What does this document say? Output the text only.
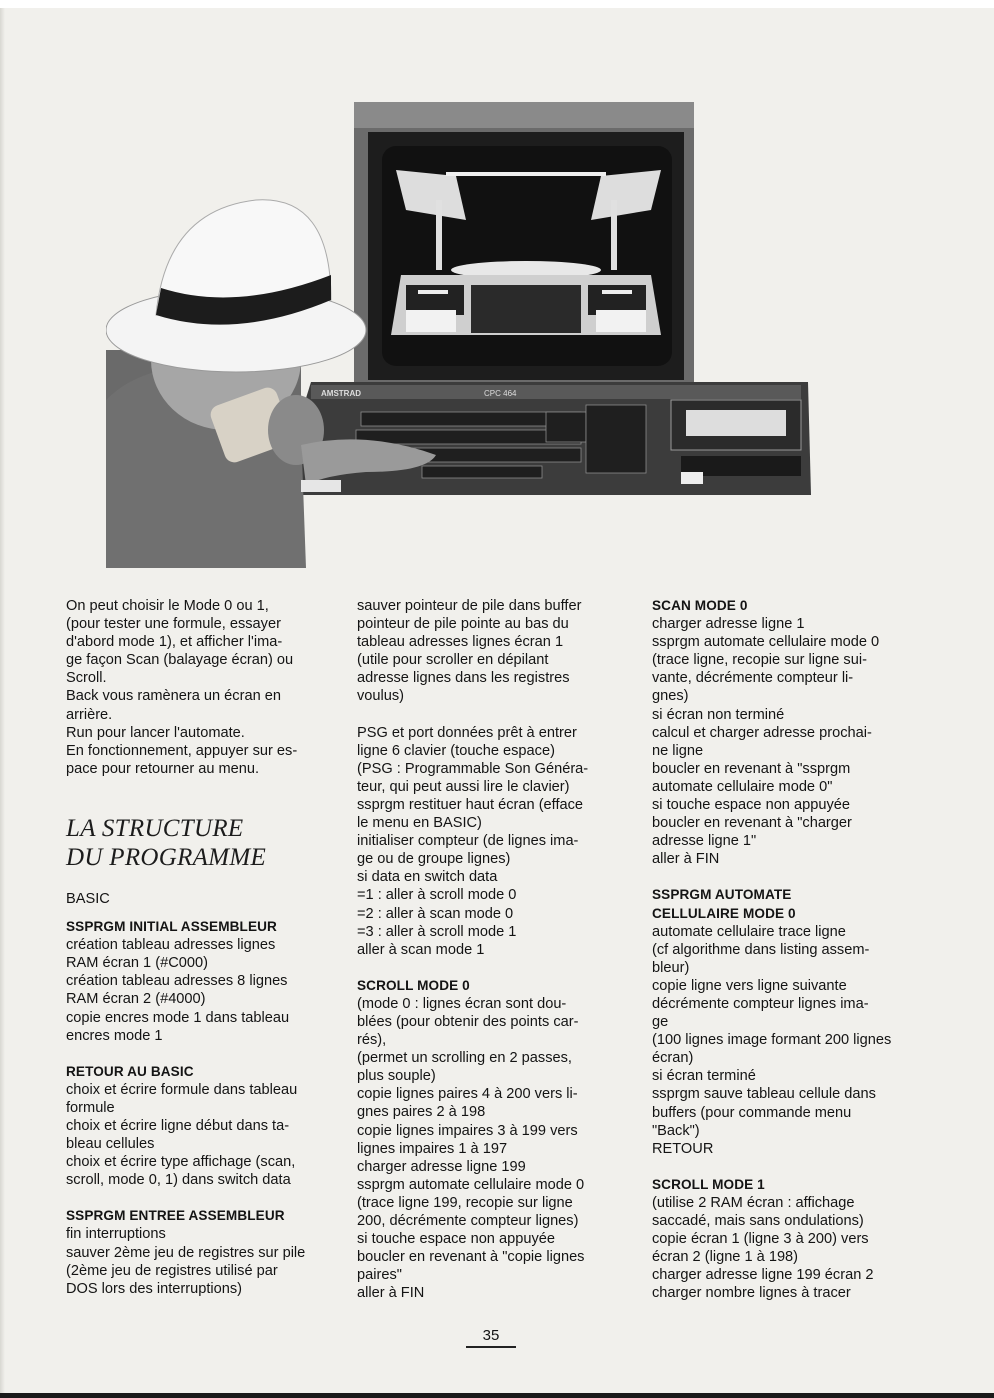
AMSTRAD	CPC 464
On peut choisir le Mode 0 ou 1,
(pour tester une formule, essayer
d'abord mode 1), et afficher l'ima-
ge façon Scan (balayage écran) ou
Scroll.
Back vous ramènera un écran en
arrière.
Run pour lancer l'automate.
En fonctionnement, appuyer sur es-
pace pour retourner au menu.
LA STRUCTURE
DU PROGRAMME
BASIC
SSPRGM INITIAL ASSEMBLEUR
création tableau adresses lignes
RAM écran 1 (#C000)
création tableau adresses 8 lignes
RAM écran 2 (#4000)
copie encres mode 1 dans tableau
encres mode 1
RETOUR AU BASIC
choix et écrire formule dans tableau
formule
choix et écrire ligne début dans ta-
bleau cellules
choix et écrire type affichage (scan,
scroll, mode 0, 1) dans switch data
SSPRGM ENTREE ASSEMBLEUR
fin interruptions
sauver 2ème jeu de registres sur pile
(2ème jeu de registres utilisé par
DOS lors des interruptions)
sauver pointeur de pile dans buffer
pointeur de pile pointe au bas du
tableau adresses lignes écran 1
(utile pour scroller en dépilant
adresse lignes dans les registres
voulus)
PSG et port données prêt à entrer
ligne 6 clavier (touche espace)
(PSG : Programmable Son Généra-
teur, qui peut aussi lire le clavier)
ssprgm restituer haut écran (efface
le menu en BASIC)
initialiser compteur (de lignes ima-
ge ou de groupe lignes)
si data en switch data
=1 : aller à scroll mode 0
=2 : aller à scan mode 0
=3 : aller à scroll mode 1
aller à scan mode 1
SCROLL MODE 0
(mode 0 : lignes écran sont dou-
blées (pour obtenir des points car-
rés),
(permet un scrolling en 2 passes,
plus souple)
copie lignes paires 4 à 200 vers li-
gnes paires 2 à 198
copie lignes impaires 3 à 199 vers
lignes impaires 1 à 197
charger adresse ligne 199
ssprgm automate cellulaire mode 0
(trace ligne 199, recopie sur ligne
200, décrémente compteur lignes)
si touche espace non appuyée
boucler en revenant à "copie lignes
paires"
aller à FIN
SCAN MODE 0
charger adresse ligne 1
ssprgm automate cellulaire mode 0
(trace ligne, recopie sur ligne sui-
vante, décrémente compteur li-
gnes)
si écran non terminé
calcul et charger adresse prochai-
ne ligne
boucler en revenant à "ssprgm
automate cellulaire mode 0"
si touche espace non appuyée
boucler en revenant à "charger
adresse ligne 1"
aller à FIN
SSPRGM AUTOMATE
CELLULAIRE MODE 0
automate cellulaire trace ligne
(cf algorithme dans listing assem-
bleur)
copie ligne vers ligne suivante
décrémente compteur lignes ima-
ge
(100 lignes image formant 200 lignes
écran)
si écran terminé
ssprgm sauve tableau cellule dans
buffers (pour commande menu
"Back")
RETOUR
SCROLL MODE 1
(utilise 2 RAM écran : affichage
saccadé, mais sans ondulations)
copie écran 1 (ligne 3 à 200) vers
écran 2 (ligne 1 à 198)
charger adresse ligne 199 écran 2
charger nombre lignes à tracer
35
